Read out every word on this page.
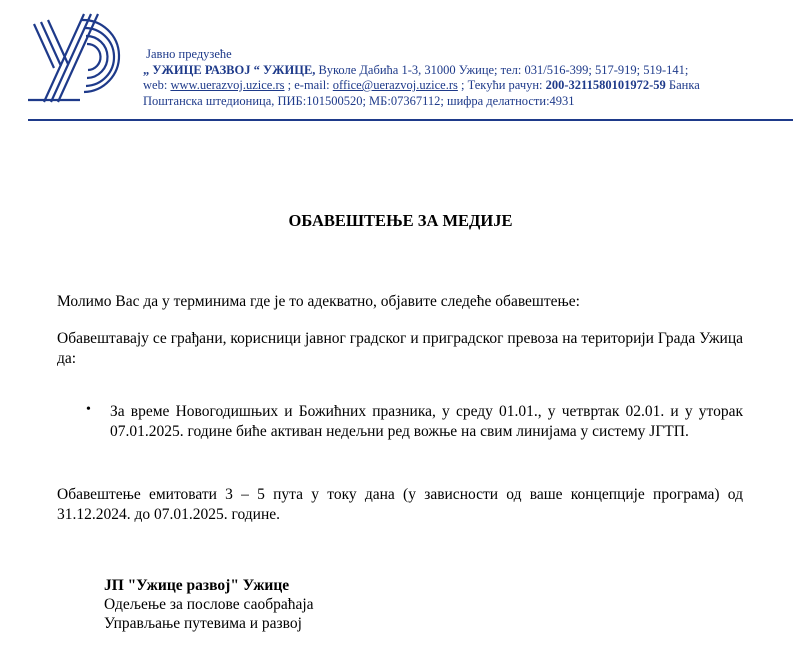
Јавно предузеће
„ УЖИЦЕ РАЗВОЈ “ УЖИЦЕ, Вуколе Дабића 1-3, 31000 Ужице; тел: 031/516-399; 517-919; 519-141;
web: www.uerazvoj.uzice.rs ; e-mail: office@uerazvoj.uzice.rs ; Текући рачун: 200-3211580101972-59 Банка
Поштанска штедионица, ПИБ:101500520; МБ:07367112; шифра делатности:4931
ОБАВЕШТЕЊЕ ЗА МЕДИЈЕ
Молимо Вас да у терминима где је то адекватно, објавите следеће обавештење:
Обавештавају се грађани, корисници јавног градског и приградског превоза на територији Града Ужица да:
• За време Новогодишњих и Божићних празника, у среду 01.01., у четвртак 02.01. и у уторак 07.01.2025. године биће активан недељни ред вожње на свим линијама у систему ЈГТП.
Обавештење емитовати 3 – 5 пута у току дана (у зависности од ваше концепције програма) од 31.12.2024. до 07.01.2025. године.
ЈП "Ужице развој" Ужице
Одељење за послове саобраћаја
Управљање путевима и развој
